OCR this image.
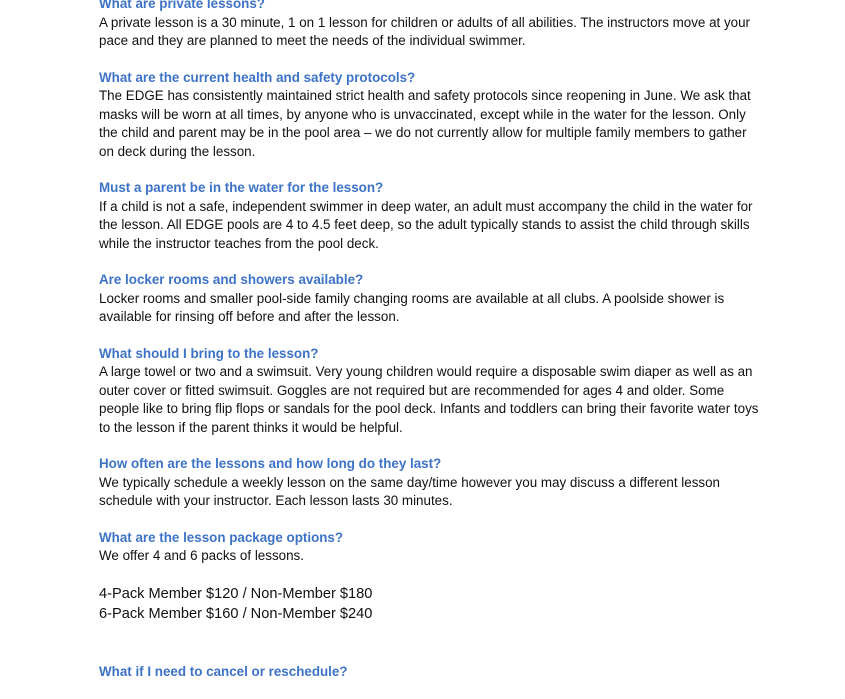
What are private lessons?

A private lesson is a 30 minute, 1 on 1 lesson for children or adults of all abilities. The instructors move at your pace and they are planned to meet the needs of the individual swimmer.

What are the current health and safety protocols?

The EDGE has consistently maintained strict health and safety protocols since reopening in June. We ask that masks will be worn at all times, by anyone who is unvaccinated, except while in the water for the lesson. Only the child and parent may be in the pool area – we do not currently allow for multiple family members to gather on deck during the lesson.

Must a parent be in the water for the lesson?

If a child is not a safe, independent swimmer in deep water, an adult must accompany the child in the water for the lesson. All EDGE pools are 4 to 4.5 feet deep, so the adult typically stands to assist the child through skills while the instructor teaches from the pool deck.

Are locker rooms and showers available?

Locker rooms and smaller pool-side family changing rooms are available at all clubs. A poolside shower is available for rinsing off before and after the lesson.

What should I bring to the lesson?

A large towel or two and a swimsuit. Very young children would require a disposable swim diaper as well as an outer cover or fitted swimsuit. Goggles are not required but are recommended for ages 4 and older. Some people like to bring flip flops or sandals for the pool deck. Infants and toddlers can bring their favorite water toys to the lesson if the parent thinks it would be helpful.

How often are the lessons and how long do they last?

We typically schedule a weekly lesson on the same day/time however you may discuss a different lesson schedule with your instructor. Each lesson lasts 30 minutes.

What are the lesson package options?

We offer 4 and 6 packs of lessons.

4-Pack Member $120 / Non-Member $180

6-Pack Member $160 / Non-Member $240

What if I need to cancel or reschedule?
